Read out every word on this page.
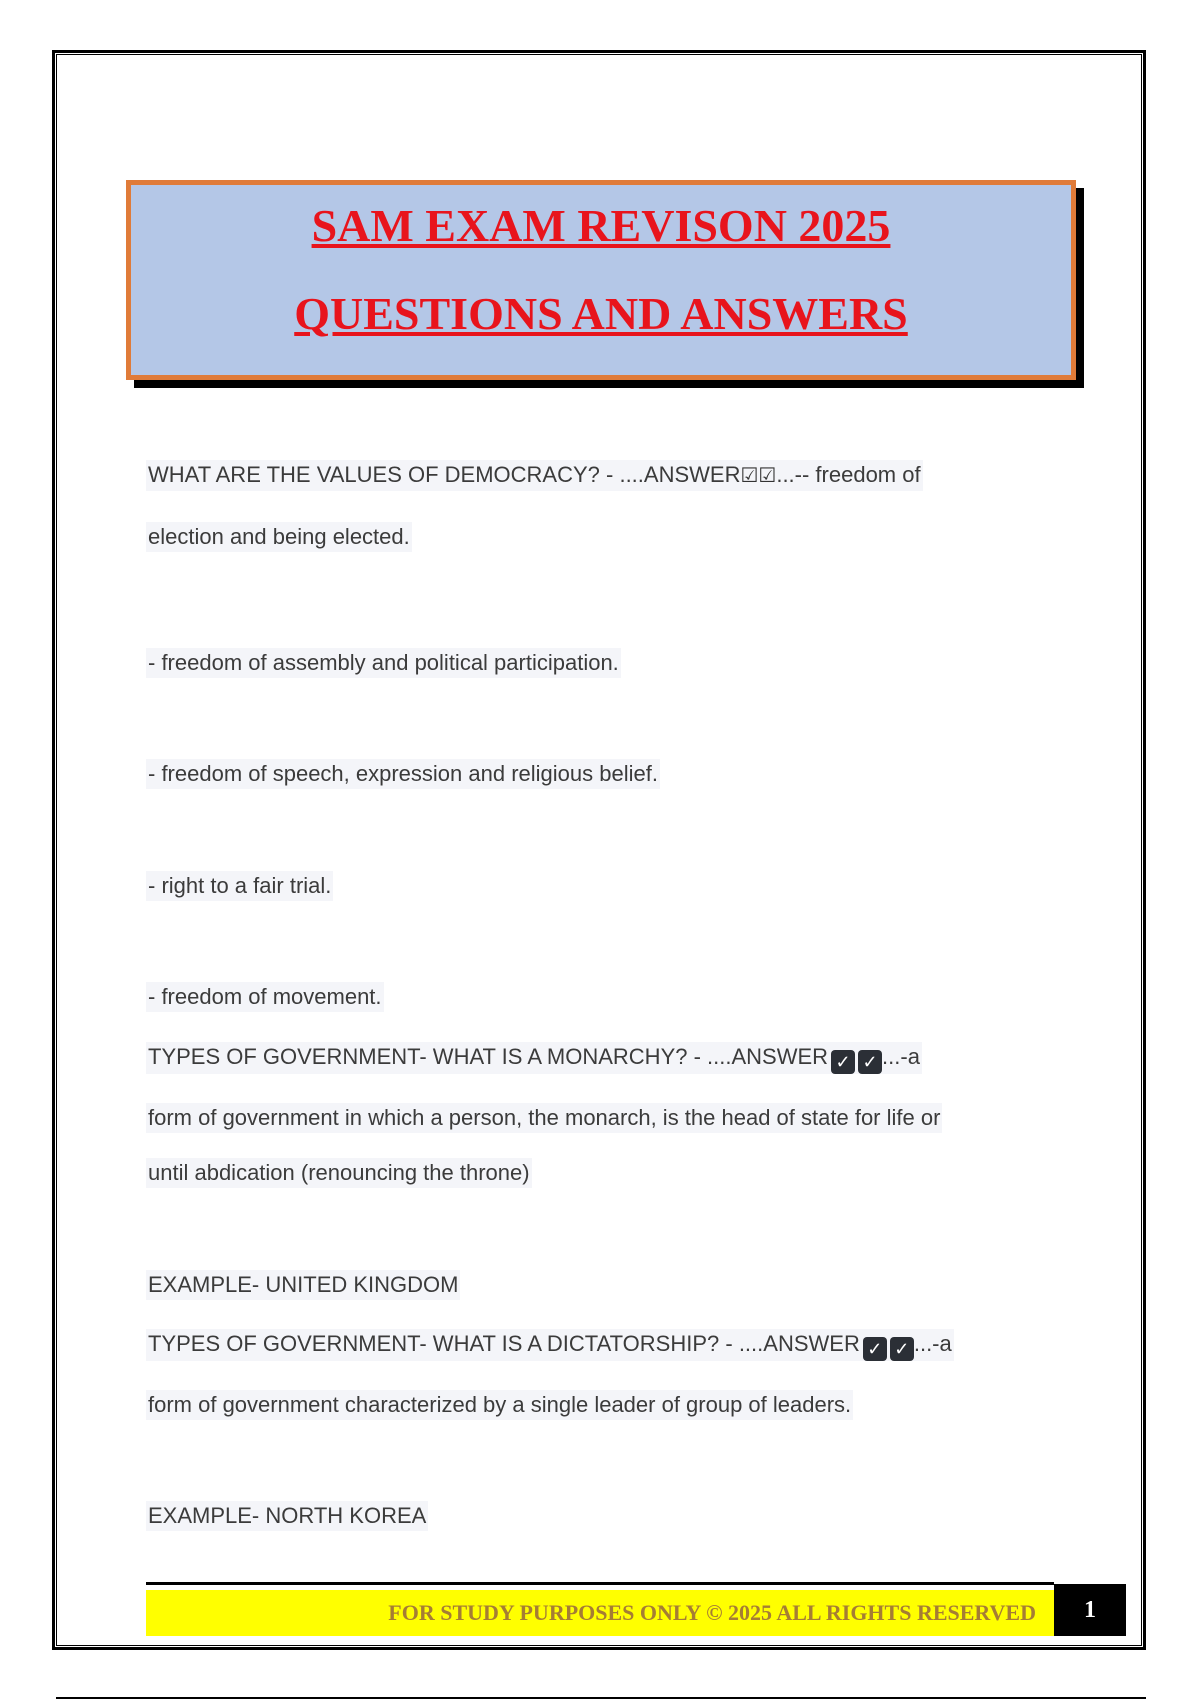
SAM EXAM REVISON 2025
QUESTIONS AND ANSWERS
WHAT ARE THE VALUES OF DEMOCRACY? - ....ANSWER☑☑...-- freedom of
election and being elected.
- freedom of assembly and political participation.
- freedom of speech, expression and religious belief.
- right to a fair trial.
- freedom of movement.
TYPES OF GOVERNMENT- WHAT IS A MONARCHY? - ....ANSWER ✓ ✓ ...-a
form of government in which a person, the monarch, is the head of state for life or
until abdication (renouncing the throne)
EXAMPLE- UNITED KINGDOM
TYPES OF GOVERNMENT- WHAT IS A DICTATORSHIP? - ....ANSWER ✓ ✓ ...-a
form of government characterized by a single leader of group of leaders.
EXAMPLE- NORTH KOREA
FOR STUDY PURPOSES ONLY © 2025 ALL RIGHTS RESERVED	1
